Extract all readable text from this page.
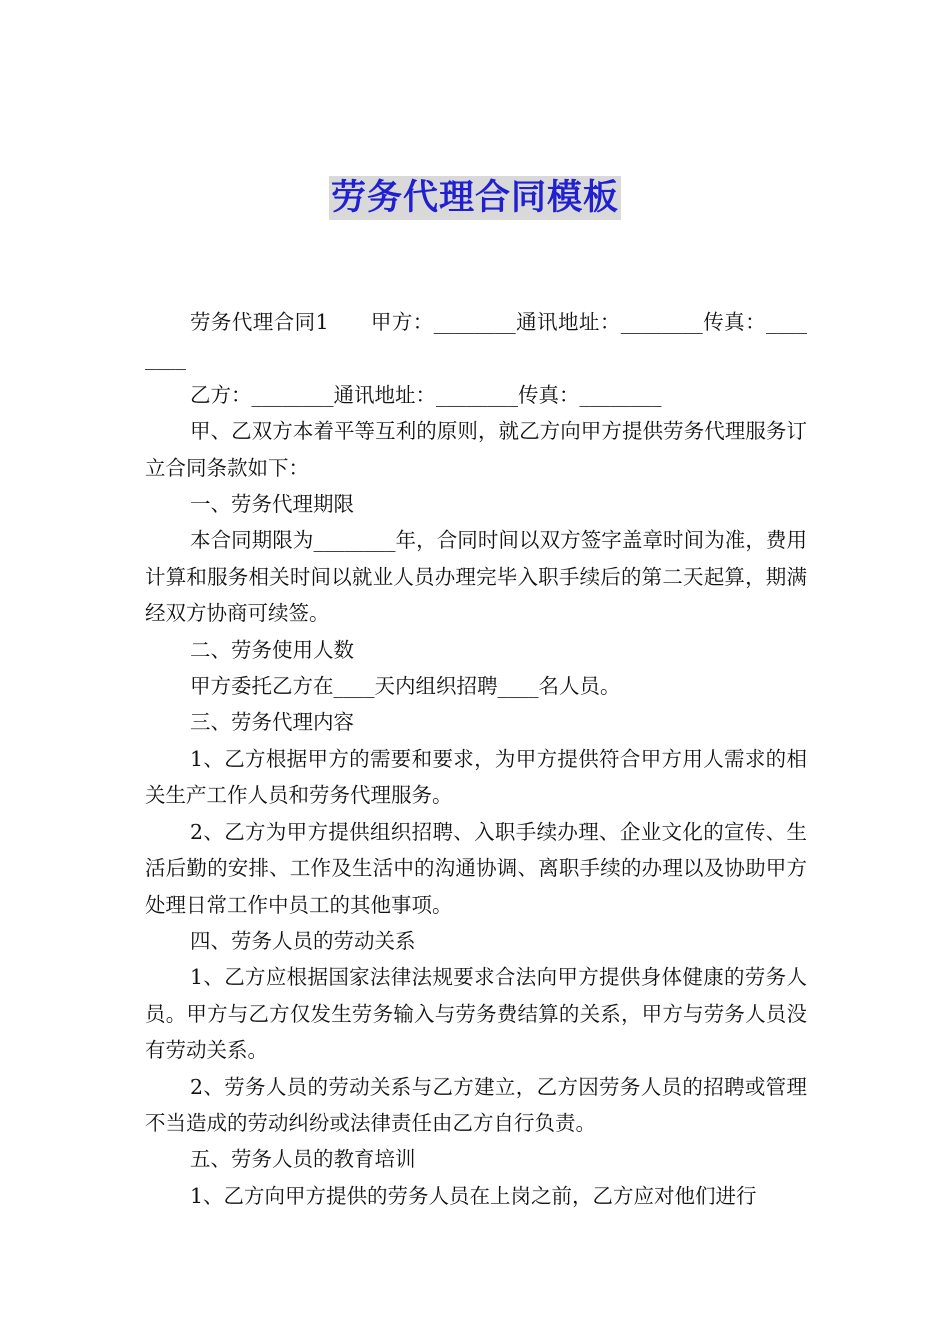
劳务代理合同模板

劳务代理合同1　　甲方：________通讯地址：________传真：________

乙方：________通讯地址：________传真：________

甲、乙双方本着平等互利的原则，就乙方向甲方提供劳务代理服务订立合同条款如下：

一、劳务代理期限

本合同期限为________年，合同时间以双方签字盖章时间为准，费用计算和服务相关时间以就业人员办理完毕入职手续后的第二天起算，期满经双方协商可续签。

二、劳务使用人数

甲方委托乙方在____天内组织招聘____名人员。

三、劳务代理内容

1、乙方根据甲方的需要和要求，为甲方提供符合甲方用人需求的相关生产工作人员和劳务代理服务。

2、乙方为甲方提供组织招聘、入职手续办理、企业文化的宣传、生活后勤的安排、工作及生活中的沟通协调、离职手续的办理以及协助甲方处理日常工作中员工的其他事项。

四、劳务人员的劳动关系

1、乙方应根据国家法律法规要求合法向甲方提供身体健康的劳务人员。甲方与乙方仅发生劳务输入与劳务费结算的关系，甲方与劳务人员没有劳动关系。

2、劳务人员的劳动关系与乙方建立，乙方因劳务人员的招聘或管理不当造成的劳动纠纷或法律责任由乙方自行负责。

五、劳务人员的教育培训

1、乙方向甲方提供的劳务人员在上岗之前，乙方应对他们进行
